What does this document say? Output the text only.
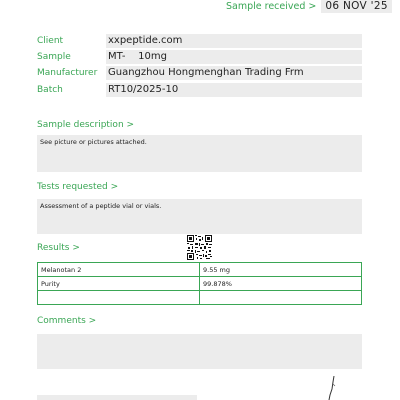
Sample received > 06 NOV '25
Client	xxpeptide.com
Sample	MT-    10mg
Manufacturer Guangzhou Hongmenghan Trading Frm
Batch	RT10/2025-10
Sample description >
See picture or pictures attached.
Tests requested >
Assessment of a peptide vial or vials.
Results >
Melanotan 2	9.55 mg
Purity	99.878%

Comments >
